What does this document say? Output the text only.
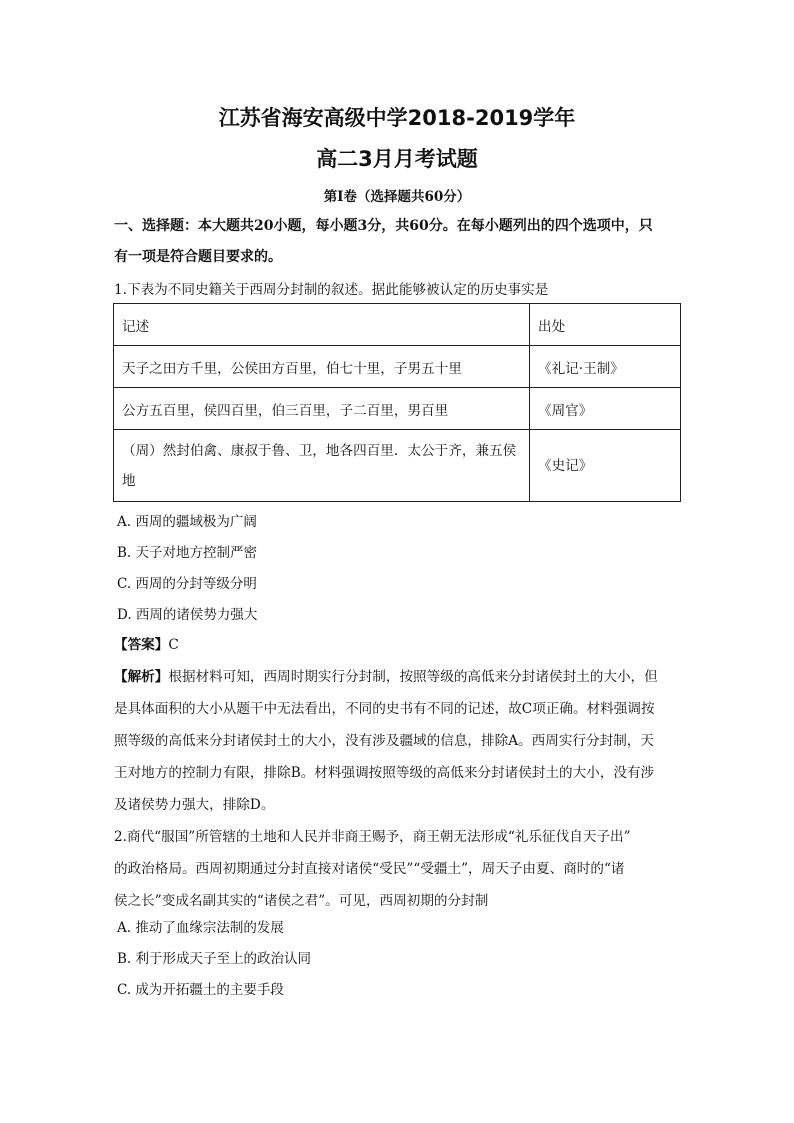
江苏省海安高级中学2018-2019学年
高二3月月考试题
第Ⅰ卷（选择题共60分）
一、选择题：本大题共20小题，每小题3分，共60分。在每小题列出的四个选项中，只
有一项是符合题目要求的。
1.下表为不同史籍关于西周分封制的叙述。据此能够被认定的历史事实是
记述	出处
天子之田方千里，公侯田方百里，伯七十里，子男五十里	《礼记·王制》
公方五百里，侯四百里，伯三百里，子二百里，男百里	《周官》
（周）然封伯禽、康叔于鲁、卫，地各四百里．太公于齐，兼五侯地	《史记》
A. 西周的疆域极为广阔
B. 天子对地方控制严密
C. 西周的分封等级分明
D. 西周的诸侯势力强大
【答案】C
【解析】根据材料可知，西周时期实行分封制，按照等级的高低来分封诸侯封土的大小，但
是具体面积的大小从题干中无法看出，不同的史书有不同的记述，故C项正确。材料强调按
照等级的高低来分封诸侯封土的大小，没有涉及疆域的信息，排除A。西周实行分封制，天
王对地方的控制力有限，排除B。材料强调按照等级的高低来分封诸侯封土的大小，没有涉
及诸侯势力强大，排除D。
2.商代“服国”所管辖的土地和人民并非商王赐予，商王朝无法形成“礼乐征伐自天子出”
的政治格局。西周初期通过分封直接对诸侯“受民”“受疆土”，周天子由夏、商时的“诸
侯之长”变成名副其实的“诸侯之君”。可见，西周初期的分封制
A. 推动了血缘宗法制的发展
B. 利于形成天子至上的政治认同
C. 成为开拓疆土的主要手段
